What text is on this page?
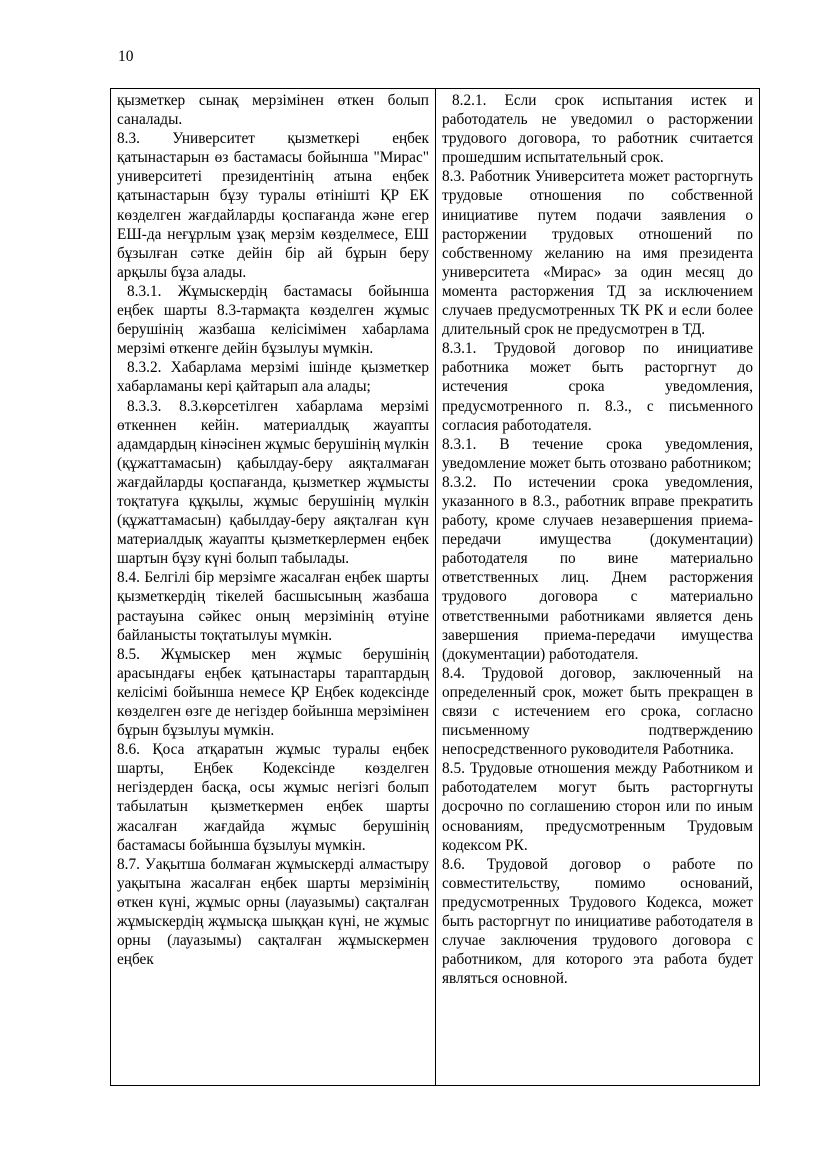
10

қызметкер сынақ мерзімінен өткен болып саналады.

8.3. Университет қызметкері еңбек қатынастарын өз бастамасы бойынша "Мирас" университеті президентінің атына еңбек қатынастарын бұзу туралы өтінішті ҚР ЕК көзделген жағдайларды қоспағанда және егер ЕШ-да неғұрлым ұзақ мерзім көзделмесе, ЕШ бұзылған сәтке дейін бір ай бұрын беру арқылы бұза алады.

8.3.1. Жұмыскердің бастамасы бойынша еңбек шарты 8.3-тармақта көзделген жұмыс берушінің жазбаша келісімімен хабарлама мерзімі өткенге дейін бұзылуы мүмкін.

8.3.2. Хабарлама мерзімі ішінде қызметкер хабарламаны кері қайтарып ала алады;

8.3.3. 8.3.көрсетілген хабарлама мерзімі өткеннен кейін. материалдық жауапты адамдардың кінәсінен жұмыс берушінің мүлкін (құжаттамасын) қабылдау-беру аяқталмаған жағдайларды қоспағанда, қызметкер жұмысты тоқтатуға құқылы, жұмыс берушінің мүлкін (құжаттамасын) қабылдау-беру аяқталған күн материалдық жауапты қызметкерлермен еңбек шартын бұзу күні болып табылады.

8.4. Белгілі бір мерзімге жасалған еңбек шарты қызметкердің тікелей басшысының жазбаша растауына сәйкес оның мерзімінің өтуіне байланысты тоқтатылуы мүмкін.

8.5. Жұмыскер мен жұмыс берушінің арасындағы еңбек қатынастары тараптардың келісімі бойынша немесе ҚР Еңбек кодексінде көзделген өзге де негіздер бойынша мерзімінен бұрын бұзылуы мүмкін.

8.6. Қоса атқаратын жұмыс туралы еңбек шарты, Еңбек Кодексінде көзделген негіздерден басқа, осы жұмыс негізгі болып табылатын қызметкермен еңбек шарты жасалған жағдайда жұмыс берушінің бастамасы бойынша бұзылуы мүмкін.

8.7. Уақытша болмаған жұмыскерді алмастыру уақытына жасалған еңбек шарты мерзімінің өткен күні, жұмыс орны (лауазымы) сақталған жұмыскердің жұмысқа шыққан күні, не жұмыс орны (лауазымы) сақталған жұмыскермен еңбек

8.2.1. Если срок испытания истек и работодатель не уведомил о расторжении трудового договора, то работник считается прошедшим испытательный срок.

8.3. Работник Университета может расторгнуть трудовые отношения по собственной инициативе путем подачи заявления о расторжении трудовых отношений по собственному желанию на имя президента университета «Мирас» за один месяц до момента расторжения ТД за исключением случаев предусмотренных ТК РК и если более длительный срок не предусмотрен в ТД.

8.3.1. Трудовой договор по инициативе работника может быть расторгнут до истечения срока уведомления, предусмотренного п. 8.3., с письменного согласия работодателя.

8.3.1. В течение срока уведомления, уведомление может быть отозвано работником;

8.3.2. По истечении срока уведомления, указанного в 8.3., работник вправе прекратить работу, кроме случаев незавершения приема-передачи имущества (документации) работодателя по вине материально ответственных лиц. Днем расторжения трудового договора с материально ответственными работниками является день завершения приема-передачи имущества (документации) работодателя.

8.4. Трудовой договор, заключенный на определенный срок, может быть прекращен в связи с истечением его срока, согласно письменному подтверждению непосредственного руководителя Работника.

8.5. Трудовые отношения между Работником и работодателем могут быть расторгнуты досрочно по соглашению сторон или по иным основаниям, предусмотренным Трудовым кодексом РК.

8.6. Трудовой договор о работе по совместительству, помимо оснований, предусмотренных Трудового Кодекса, может быть расторгнут по инициативе работодателя в случае заключения трудового договора с работником, для которого эта работа будет являться основной.
